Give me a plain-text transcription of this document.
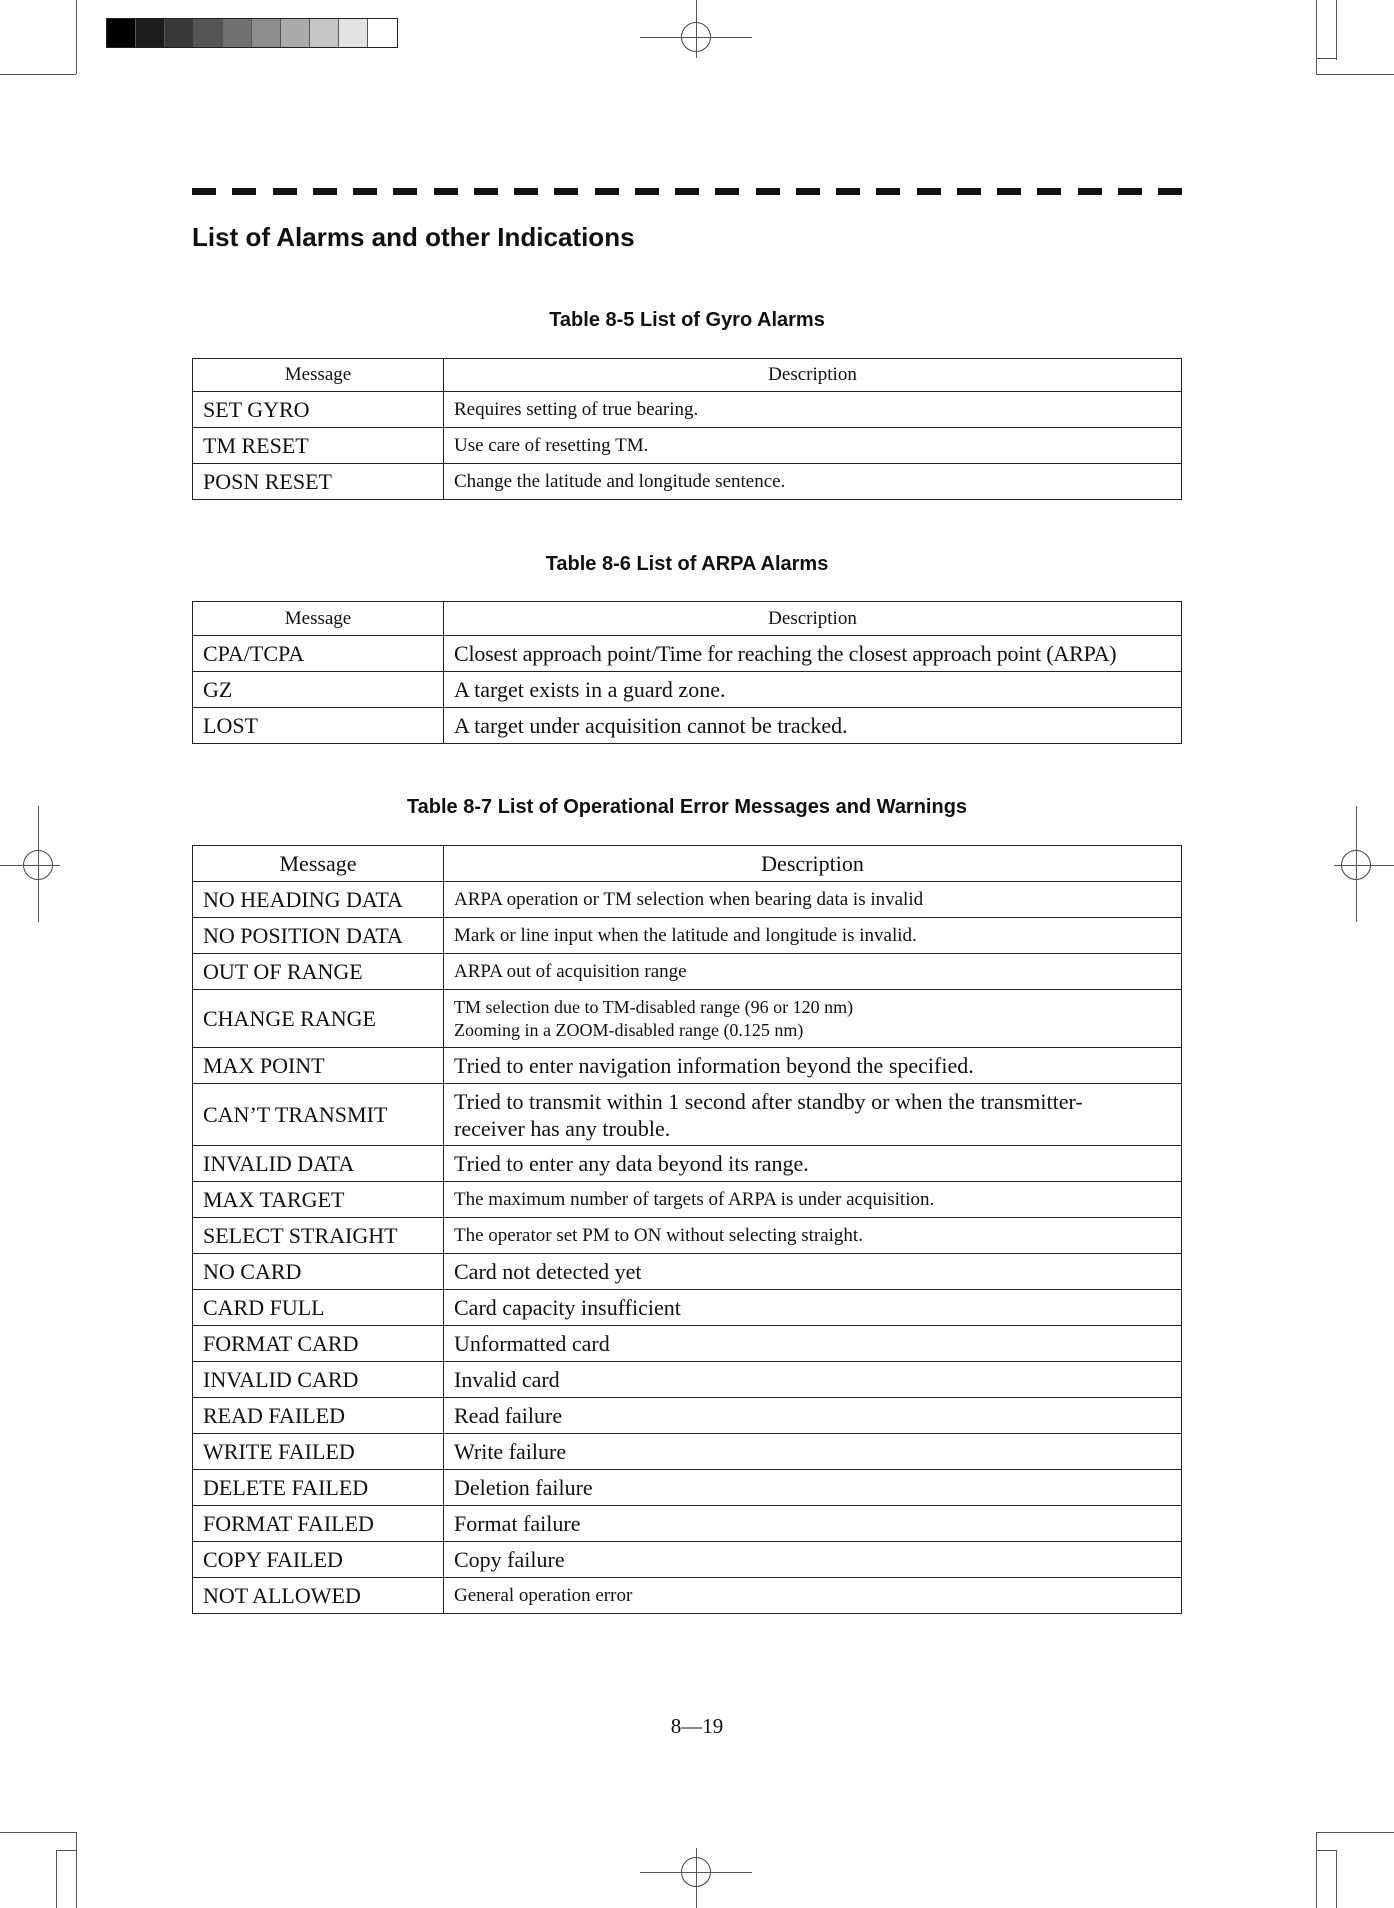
List of Alarms and other Indications

Table 8-5 List of Gyro Alarms

Message	Description
SET GYRO	Requires setting of true bearing.
TM RESET	Use care of resetting TM.
POSN RESET	Change the latitude and longitude sentence.

Table 8-6 List of ARPA Alarms

Message	Description
CPA/TCPA	Closest approach point/Time for reaching the closest approach point (ARPA)
GZ	A target exists in a guard zone.
LOST	A target under acquisition cannot be tracked.

Table 8-7 List of Operational Error Messages and Warnings

Message	Description
NO HEADING DATA	ARPA operation or TM selection when bearing data is invalid
NO POSITION DATA	Mark or line input when the latitude and longitude is invalid.
OUT OF RANGE	ARPA out of acquisition range
CHANGE RANGE	TM selection due to TM-disabled range (96 or 120 nm)
Zooming in a ZOOM-disabled range (0.125 nm)

MAX POINT	Tried to enter navigation information beyond the specified.
CAN’T TRANSMIT	Tried to transmit within 1 second after standby or when the transmitter-
receiver has any trouble.

INVALID DATA	Tried to enter any data beyond its range.
MAX TARGET	The maximum number of targets of ARPA is under acquisition.
SELECT STRAIGHT	The operator set PM to ON without selecting straight.
NO CARD	Card not detected yet
CARD FULL	Card capacity insufficient
FORMAT CARD	Unformatted card
INVALID CARD	Invalid card
READ FAILED	Read failure
WRITE FAILED	Write failure
DELETE FAILED	Deletion failure
FORMAT FAILED	Format failure
COPY FAILED	Copy failure
NOT ALLOWED	General operation error
8—19
